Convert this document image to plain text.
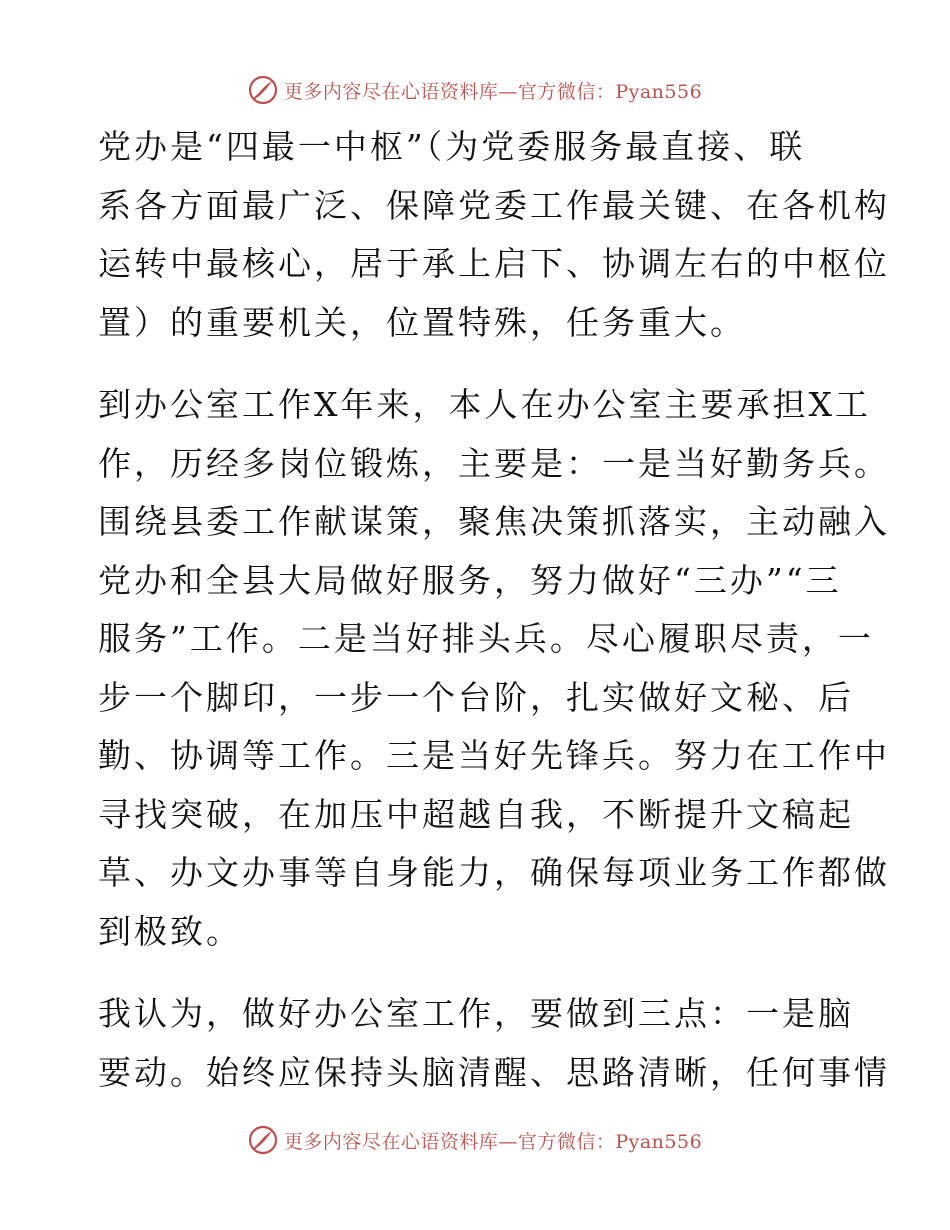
更多内容尽在心语资料库—官方微信：Pyan556
党办是“四最一中枢”（为党委服务最直接、联
系各方面最广泛、保障党委工作最关键、在各机构
运转中最核心，居于承上启下、协调左右的中枢位
置）的重要机关，位置特殊，任务重大。
到办公室工作X年来，本人在办公室主要承担X工
作，历经多岗位锻炼，主要是：一是当好勤务兵。
围绕县委工作献谋策，聚焦决策抓落实，主动融入
党办和全县大局做好服务，努力做好“三办”“三
服务”工作。二是当好排头兵。尽心履职尽责，一
步一个脚印，一步一个台阶，扎实做好文秘、后
勤、协调等工作。三是当好先锋兵。努力在工作中
寻找突破，在加压中超越自我，不断提升文稿起
草、办文办事等自身能力，确保每项业务工作都做
到极致。
我认为，做好办公室工作，要做到三点：一是脑
要动。始终应保持头脑清醒、思路清晰，任何事情
更多内容尽在心语资料库—官方微信：Pyan556
